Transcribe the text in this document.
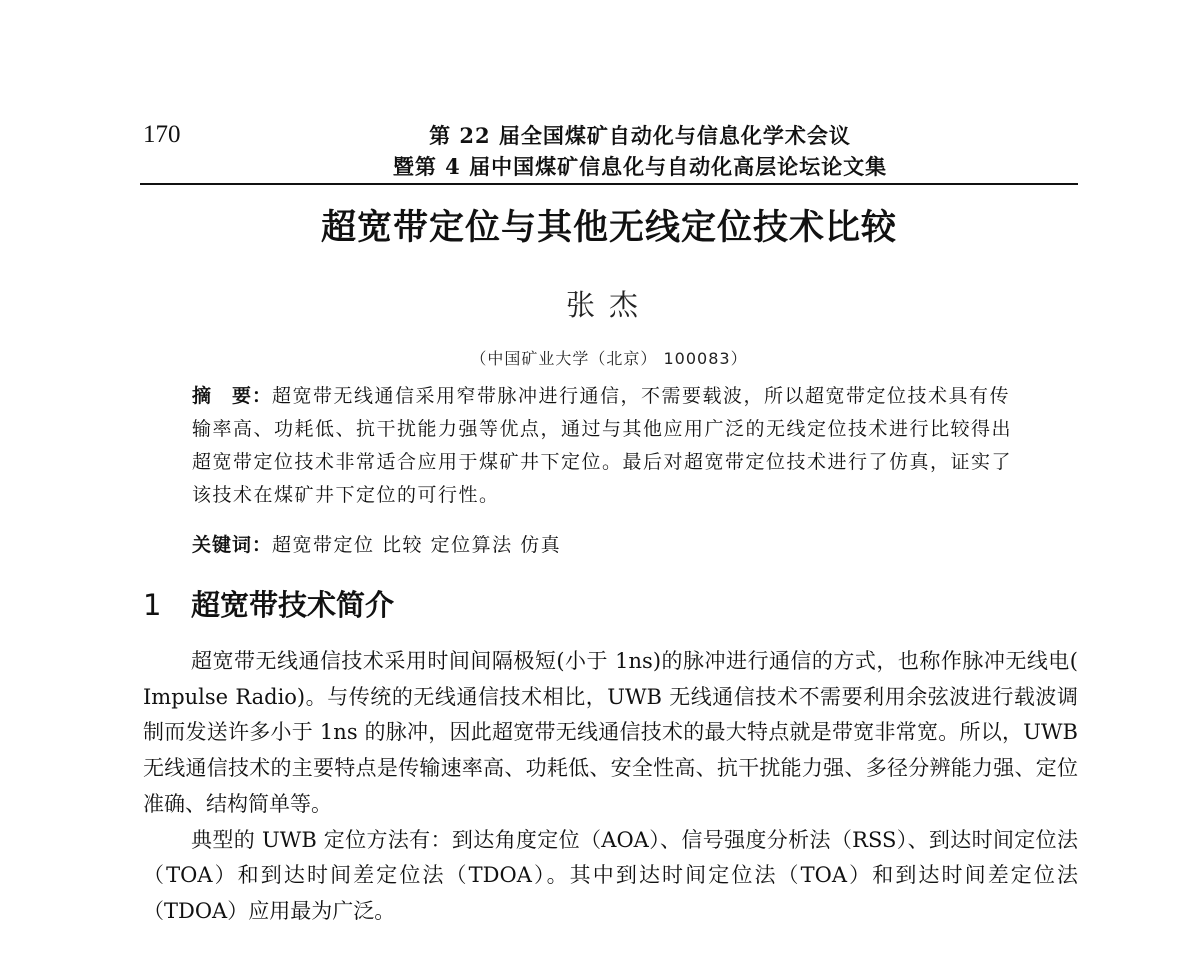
170	第 22 届全国煤矿自动化与信息化学术会议
暨第 4 届中国煤矿信息化与自动化高层论坛论文集
超宽带定位与其他无线定位技术比较
张杰
（中国矿业大学（北京） 100083）
摘　要：超宽带无线通信采用窄带脉冲进行通信，不需要载波，所以超宽带定位技术具有传输率高、功耗低、抗干扰能力强等优点，通过与其他应用广泛的无线定位技术进行比较得出超宽带定位技术非常适合应用于煤矿井下定位。最后对超宽带定位技术进行了仿真，证实了该技术在煤矿井下定位的可行性。
关键词：超宽带定位 比较 定位算法 仿真
1 超宽带技术简介

超宽带无线通信技术采用时间间隔极短(小于 1ns)的脉冲进行通信的方式，也称作脉冲无线电( Impulse Radio)。与传统的无线通信技术相比，UWB 无线通信技术不需要利用余弦波进行载波调制而发送许多小于 1ns 的脉冲，因此超宽带无线通信技术的最大特点就是带宽非常宽。所以，UWB 无线通信技术的主要特点是传输速率高、功耗低、安全性高、抗干扰能力强、多径分辨能力强、定位准确、结构简单等。

典型的 UWB 定位方法有：到达角度定位（AOA）、信号强度分析法（RSS）、到达时间定位法（TOA）和到达时间差定位法（TDOA）。其中到达时间定位法（TOA）和到达时间差定位法（TDOA）应用最为广泛。
